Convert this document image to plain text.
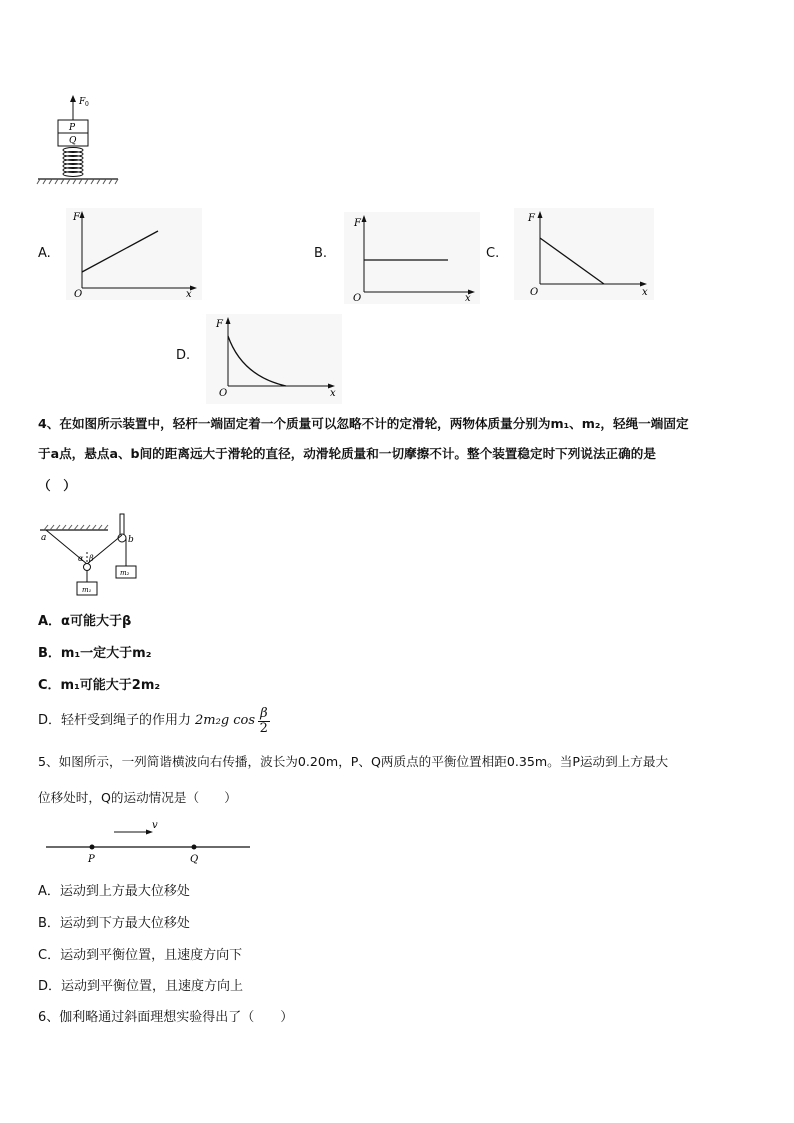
F 0
P
Q
A.
F
x
O
B.
F
x
O
C.
F
x
O
D.
F
x
O
4、在如图所示装置中，轻杆一端固定着一个质量可以忽略不计的定滑轮，两物体质量分别为m₁、m₂，轻绳一端固定
于a点，悬点a、b间的距离远大于滑轮的直径，动滑轮质量和一切摩擦不计。整个装置稳定时下列说法正确的是
（　）
a	b
α β
m₁
m₂
A．α可能大于β
B．m₁一定大于m₂
C．m₁可能大于2m₂
D．轻杆受到绳子的作用力 2m₂g $\cos \frac{\beta}{2}$
5、如图所示，一列简谐横波向右传播，波长为0.20m，P、Q两质点的平衡位置相距0.35m。当P运动到上方最大
位移处时，Q的运动情况是（　　）
v
P	Q
A．运动到上方最大位移处
B．运动到下方最大位移处
C．运动到平衡位置，且速度方向下
D．运动到平衡位置，且速度方向上
6、伽利略通过斜面理想实验得出了（　　）
